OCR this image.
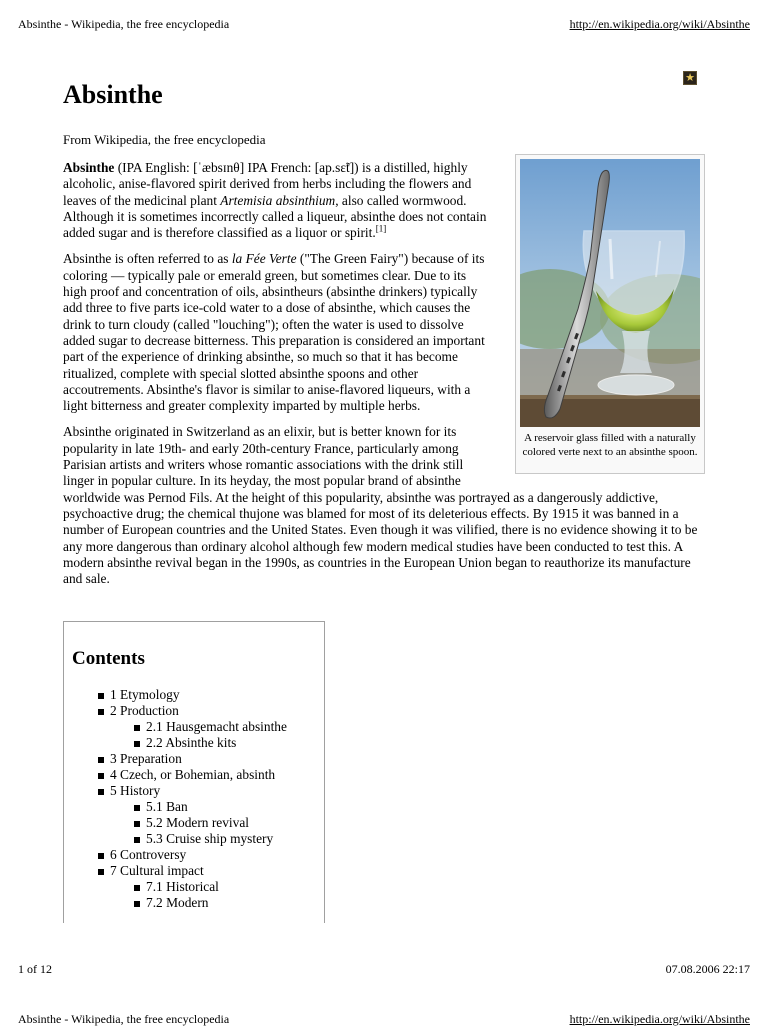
Absinthe - Wikipedia, the free encyclopedia	http://en.wikipedia.org/wiki/Absinthe
★
Absinthe
From Wikipedia, the free encyclopedia
A reservoir glass filled with a naturally colored verte next to an absinthe spoon.

Absinthe (IPA English: [ˈæbsɪnθ] IPA French: [ap.sɛ̃t]) is a distilled, highly alcoholic, anise-flavored spirit derived from herbs including the flowers and leaves of the medicinal plant Artemisia absinthium, also called wormwood. Although it is sometimes incorrectly called a liqueur, absinthe does not contain added sugar and is therefore classified as a liquor or spirit.[1]

Absinthe is often referred to as la Fée Verte ("The Green Fairy") because of its coloring — typically pale or emerald green, but sometimes clear. Due to its high proof and concentration of oils, absintheurs (absinthe drinkers) typically add three to five parts ice-cold water to a dose of absinthe, which causes the drink to turn cloudy (called "louching"); often the water is used to dissolve added sugar to decrease bitterness. This preparation is considered an important part of the experience of drinking absinthe, so much so that it has become ritualized, complete with special slotted absinthe spoons and other accoutrements. Absinthe's flavor is similar to anise-flavored liqueurs, with a light bitterness and greater complexity imparted by multiple herbs.

Absinthe originated in Switzerland as an elixir, but is better known for its popularity in late 19th- and early 20th-century France, particularly among Parisian artists and writers whose romantic associations with the drink still linger in popular culture. In its heyday, the most popular brand of absinthe worldwide was Pernod Fils. At the height of this popularity, absinthe was portrayed as a dangerously addictive, psychoactive drug; the chemical thujone was blamed for most of its deleterious effects. By 1915 it was banned in a number of European countries and the United States. Even though it was vilified, there is no evidence showing it to be any more dangerous than ordinary alcohol although few modern medical studies have been conducted to test this. A modern absinthe revival began in the 1990s, as countries in the European Union began to reauthorize its manufacture and sale.

Contents
1 Etymology
2 Production
2.1 Hausgemacht absinthe
2.2 Absinthe kits
3 Preparation
4 Czech, or Bohemian, absinth
5 History
5.1 Ban
5.2 Modern revival
5.3 Cruise ship mystery
6 Controversy
7 Cultural impact
7.1 Historical
7.2 Modern
1 of 12	07.08.2006 22:17
Absinthe - Wikipedia, the free encyclopedia	http://en.wikipedia.org/wiki/Absinthe
